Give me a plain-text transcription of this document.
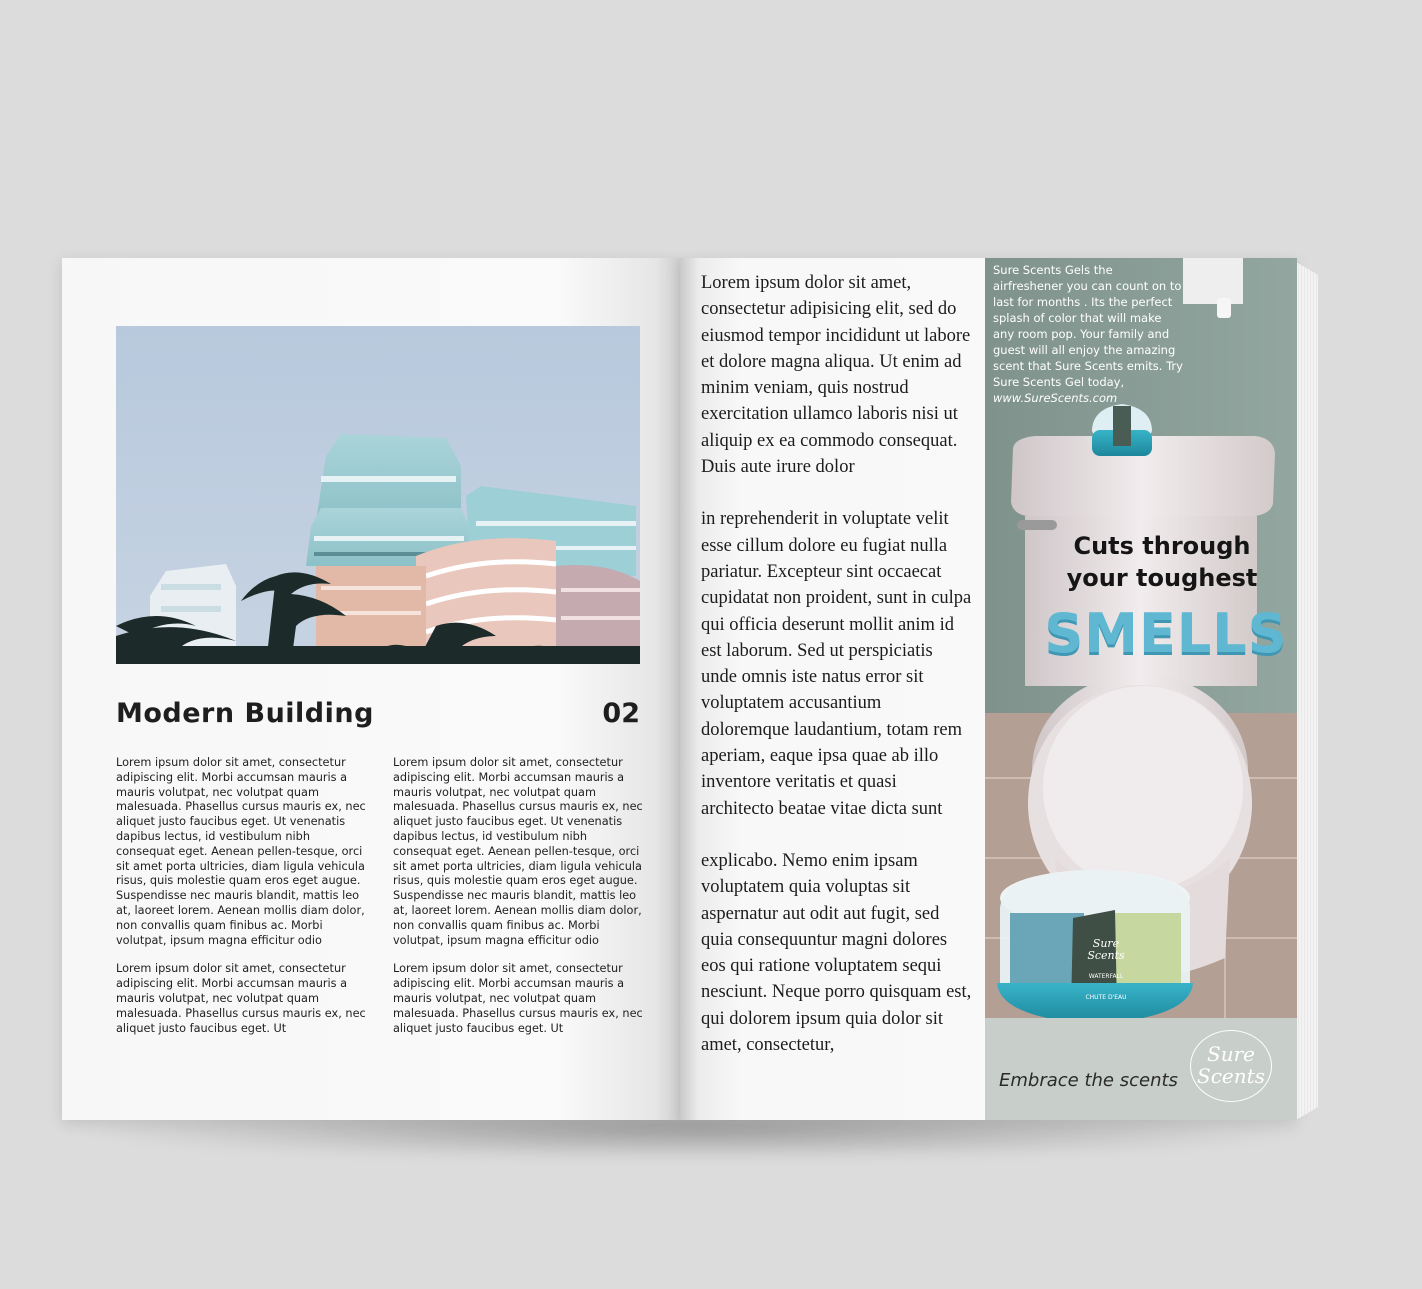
Modern Building	02

Lorem ipsum dolor sit amet, consectetur adipiscing elit. Morbi accumsan mauris a mauris volutpat, nec volutpat quam malesuada. Phasellus cursus mauris ex, nec aliquet justo faucibus eget. Ut venenatis dapibus lectus, id vestibulum nibh consequat eget. Aenean pellen-tesque, orci sit amet porta ultricies, diam ligula vehicula risus, quis molestie quam eros eget augue. Suspendisse nec mauris blandit, mattis leo at, laoreet lorem. Aenean mollis diam dolor, non convallis quam finibus ac. Morbi volutpat, ipsum magna efficitur odio

Lorem ipsum dolor sit amet, consectetur adipiscing elit. Morbi accumsan mauris a mauris volutpat, nec volutpat quam malesuada. Phasellus cursus mauris ex, nec aliquet justo faucibus eget. Ut

Lorem ipsum dolor sit amet, consectetur adipiscing elit. Morbi accumsan mauris a mauris volutpat, nec volutpat quam malesuada. Phasellus cursus mauris ex, nec aliquet justo faucibus eget. Ut venenatis dapibus lectus, id vestibulum nibh consequat eget. Aenean pellen-tesque, orci sit amet porta ultricies, diam ligula vehicula risus, quis molestie quam eros eget augue. Suspendisse nec mauris blandit, mattis leo at, laoreet lorem. Aenean mollis diam dolor, non convallis quam finibus ac. Morbi volutpat, ipsum magna efficitur odio

Lorem ipsum dolor sit amet, consectetur adipiscing elit. Morbi accumsan mauris a mauris volutpat, nec volutpat quam malesuada. Phasellus cursus mauris ex, nec aliquet justo faucibus eget. Ut

Lorem ipsum dolor sit amet, consectetur adipisicing elit, sed do eiusmod tempor incididunt ut labore et dolore magna aliqua. Ut enim ad minim veniam, quis nostrud exercitation ullamco laboris nisi ut aliquip ex ea commodo consequat. Duis aute irure dolor

in reprehenderit in voluptate velit esse cillum dolore eu fugiat nulla pariatur. Excepteur sint occaecat cupidatat non proident, sunt in culpa qui officia deserunt mollit anim id est laborum. Sed ut perspiciatis unde omnis iste natus error sit voluptatem accusantium doloremque laudantium, totam rem aperiam, eaque ipsa quae ab illo inventore veritatis et quasi architecto beatae vitae dicta sunt

explicabo. Nemo enim ipsam voluptatem quia voluptas sit aspernatur aut odit aut fugit, sed quia consequuntur magni dolores eos qui ratione voluptatem sequi nesciunt. Neque porro quisquam est, qui dolorem ipsum quia dolor sit amet, consectetur,

Sure Scents Gels the airfreshener you can count on to last for months . Its the perfect splash of color that will make any room pop. Your family and guest will all enjoy the amazing scent that Sure Scents emits. Try Sure Scents Gel today, www.SureScents.com
Cuts through
your toughest
SMELLS
Sure
Scents
WATERFALL
CHUTE D'EAU
Embrace the scents
Sure
Scents
